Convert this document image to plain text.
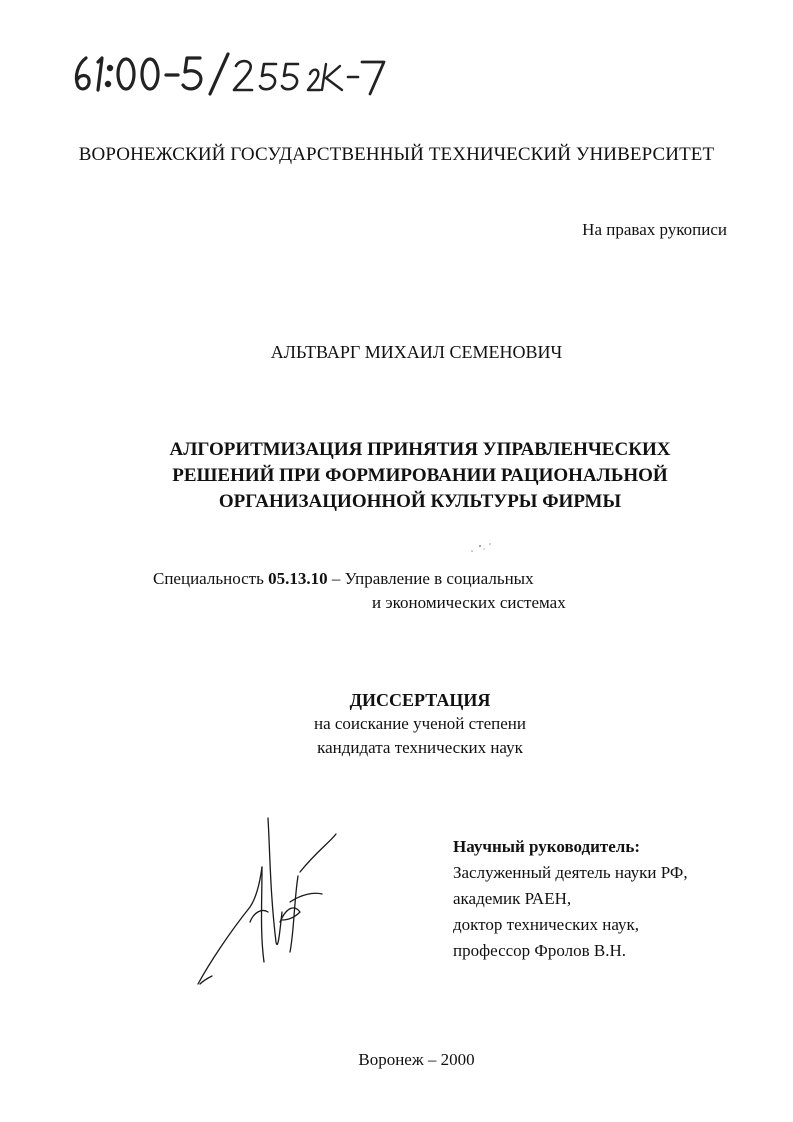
ВОРОНЕЖСКИЙ ГОСУДАРСТВЕННЫЙ ТЕХНИЧЕСКИЙ УНИВЕРСИТЕТ
На правах рукописи
АЛЬТВАРГ МИХАИЛ СЕМЕНОВИЧ
АЛГОРИТМИЗАЦИЯ ПРИНЯТИЯ УПРАВЛЕНЧЕСКИХ
РЕШЕНИЙ ПРИ ФОРМИРОВАНИИ РАЦИОНАЛЬНОЙ
ОРГАНИЗАЦИОННОЙ КУЛЬТУРЫ ФИРМЫ
Специальность 05.13.10 – Управление в социальных
и экономических системах
ДИССЕРТАЦИЯ
на соискание ученой степени
кандидата технических наук
Научный руководитель:
Заслуженный деятель науки РФ,
академик РАЕН,
доктор технических наук,
профессор Фролов В.Н.
Воронеж – 2000
